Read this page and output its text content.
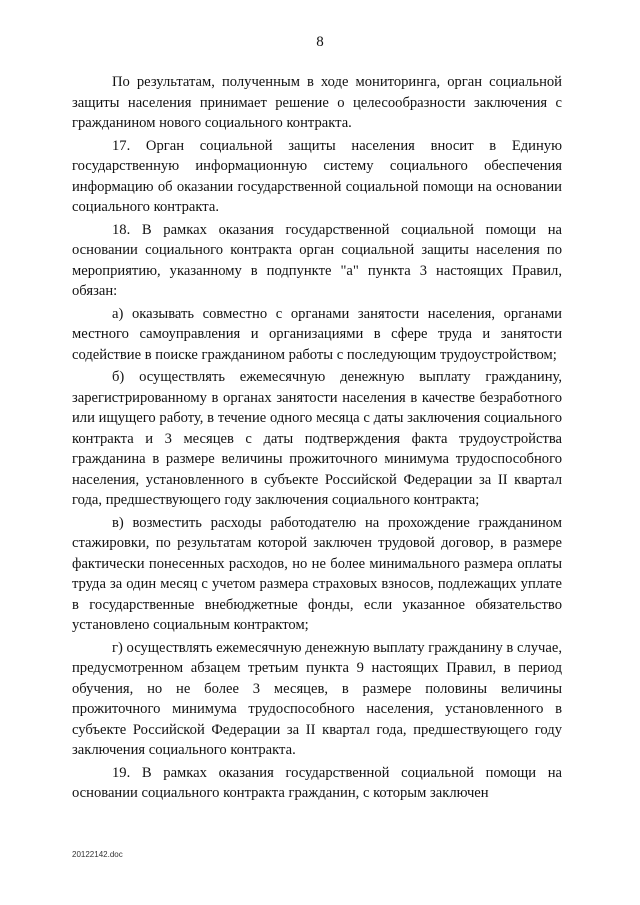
8

По результатам, полученным в ходе мониторинга, орган социальной защиты населения принимает решение о целесообразности заключения с гражданином нового социального контракта.

17. Орган социальной защиты населения вносит в Единую государственную информационную систему социального обеспечения информацию об оказании государственной социальной помощи на основании социального контракта.

18. В рамках оказания государственной социальной помощи на основании социального контракта орган социальной защиты населения по мероприятию, указанному в подпункте "а" пункта 3 настоящих Правил, обязан:

а) оказывать совместно с органами занятости населения, органами местного самоуправления и организациями в сфере труда и занятости содействие в поиске гражданином работы с последующим трудоустройством;

б) осуществлять ежемесячную денежную выплату гражданину, зарегистрированному в органах занятости населения в качестве безработного или ищущего работу, в течение одного месяца с даты заключения социального контракта и 3 месяцев с даты подтверждения факта трудоустройства гражданина в размере величины прожиточного минимума трудоспособного населения, установленного в субъекте Российской Федерации за II квартал года, предшествующего году заключения социального контракта;

в) возместить расходы работодателю на прохождение гражданином стажировки, по результатам которой заключен трудовой договор, в размере фактически понесенных расходов, но не более минимального размера оплаты труда за один месяц с учетом размера страховых взносов, подлежащих уплате в государственные внебюджетные фонды, если указанное обязательство установлено социальным контрактом;

г) осуществлять ежемесячную денежную выплату гражданину в случае, предусмотренном абзацем третьим пункта 9 настоящих Правил, в период обучения, но не более 3 месяцев, в размере половины величины прожиточного минимума трудоспособного населения, установленного в субъекте Российской Федерации за II квартал года, предшествующего году заключения социального контракта.

19. В рамках оказания государственной социальной помощи на основании социального контракта гражданин, с которым заключен

20122142.doc
